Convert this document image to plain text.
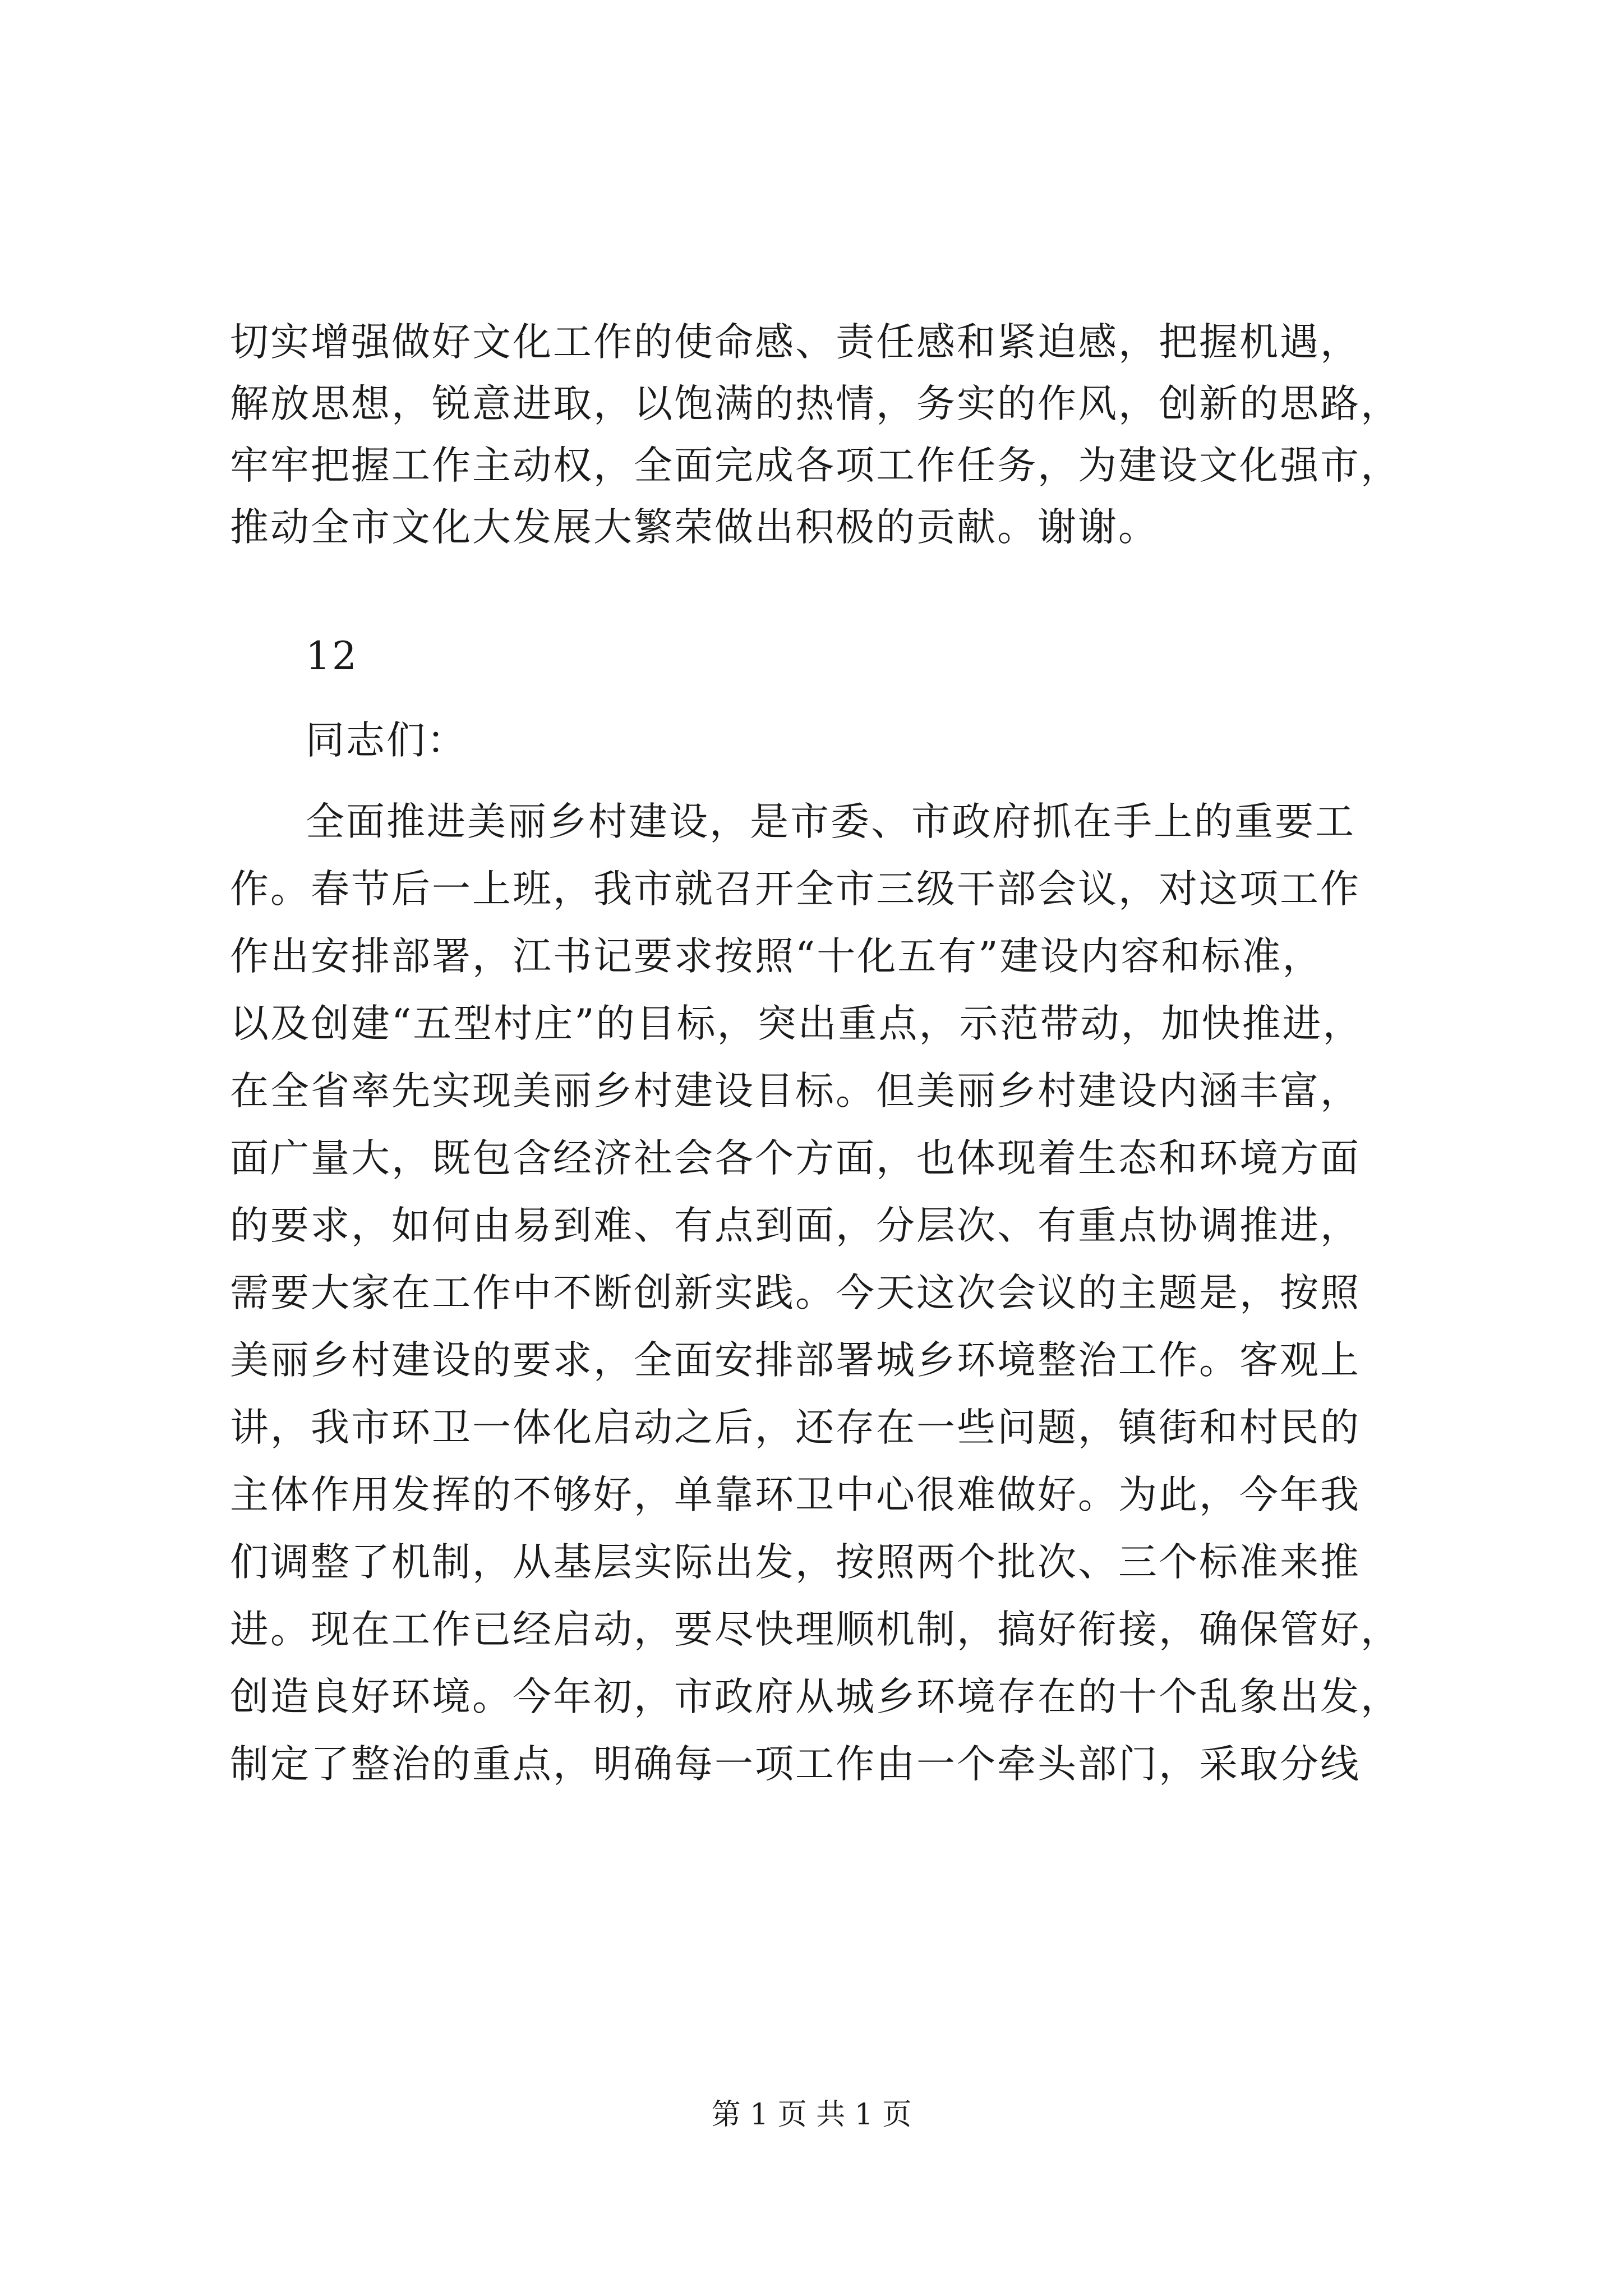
切实增强做好文化工作的使命感、责任感和紧迫感，把握机遇，
解放思想，锐意进取，以饱满的热情，务实的作风，创新的思路，
牢牢把握工作主动权，全面完成各项工作任务，为建设文化强市，
推动全市文化大发展大繁荣做出积极的贡献。谢谢。
12
同志们：
全面推进美丽乡村建设，是市委、市政府抓在手上的重要工
作。春节后一上班，我市就召开全市三级干部会议，对这项工作
作出安排部署，江书记要求按照“十化五有”建设内容和标准，
以及创建“五型村庄”的目标，突出重点，示范带动，加快推进，
在全省率先实现美丽乡村建设目标。但美丽乡村建设内涵丰富，
面广量大，既包含经济社会各个方面，也体现着生态和环境方面
的要求，如何由易到难、有点到面，分层次、有重点协调推进，
需要大家在工作中不断创新实践。今天这次会议的主题是，按照
美丽乡村建设的要求，全面安排部署城乡环境整治工作。客观上
讲，我市环卫一体化启动之后，还存在一些问题，镇街和村民的
主体作用发挥的不够好，单靠环卫中心很难做好。为此，今年我
们调整了机制，从基层实际出发，按照两个批次、三个标准来推
进。现在工作已经启动，要尽快理顺机制，搞好衔接，确保管好，
创造良好环境。今年初，市政府从城乡环境存在的十个乱象出发，
制定了整治的重点，明确每一项工作由一个牵头部门，采取分线
第 1 页 共 1 页
